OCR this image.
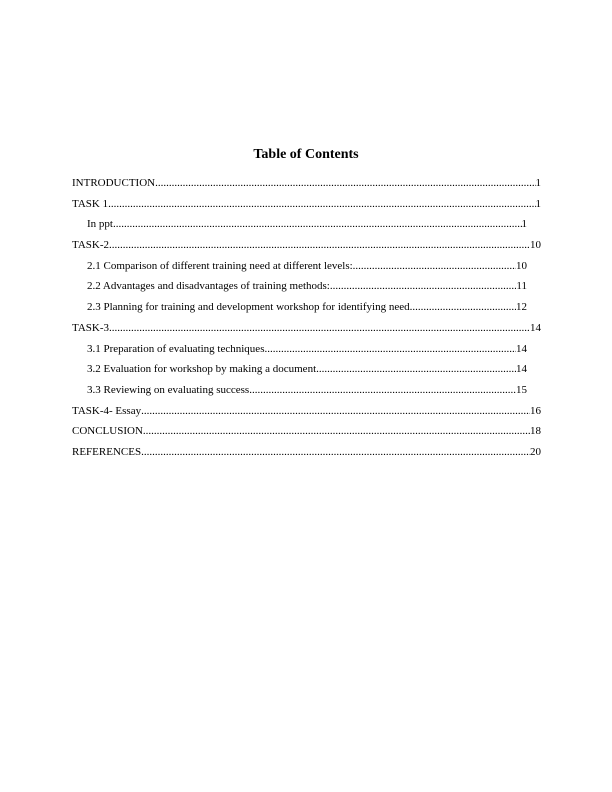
Table of Contents
INTRODUCTION .....	1
TASK 1 .....	1
In ppt .....	1
TASK-2 .....	10
2.1 Comparison of different training need at different levels: .....	10
2.2 Advantages and disadvantages of training methods: .....	11
2.3 Planning for training and development workshop for identifying need .....	12
TASK-3 .....	14
3.1 Preparation of evaluating techniques .....	14
3.2 Evaluation for workshop by making a document .....	14
3.3 Reviewing on evaluating success .....	15
TASK-4- Essay .....	16
CONCLUSION .....	18
REFERENCES .....	20
